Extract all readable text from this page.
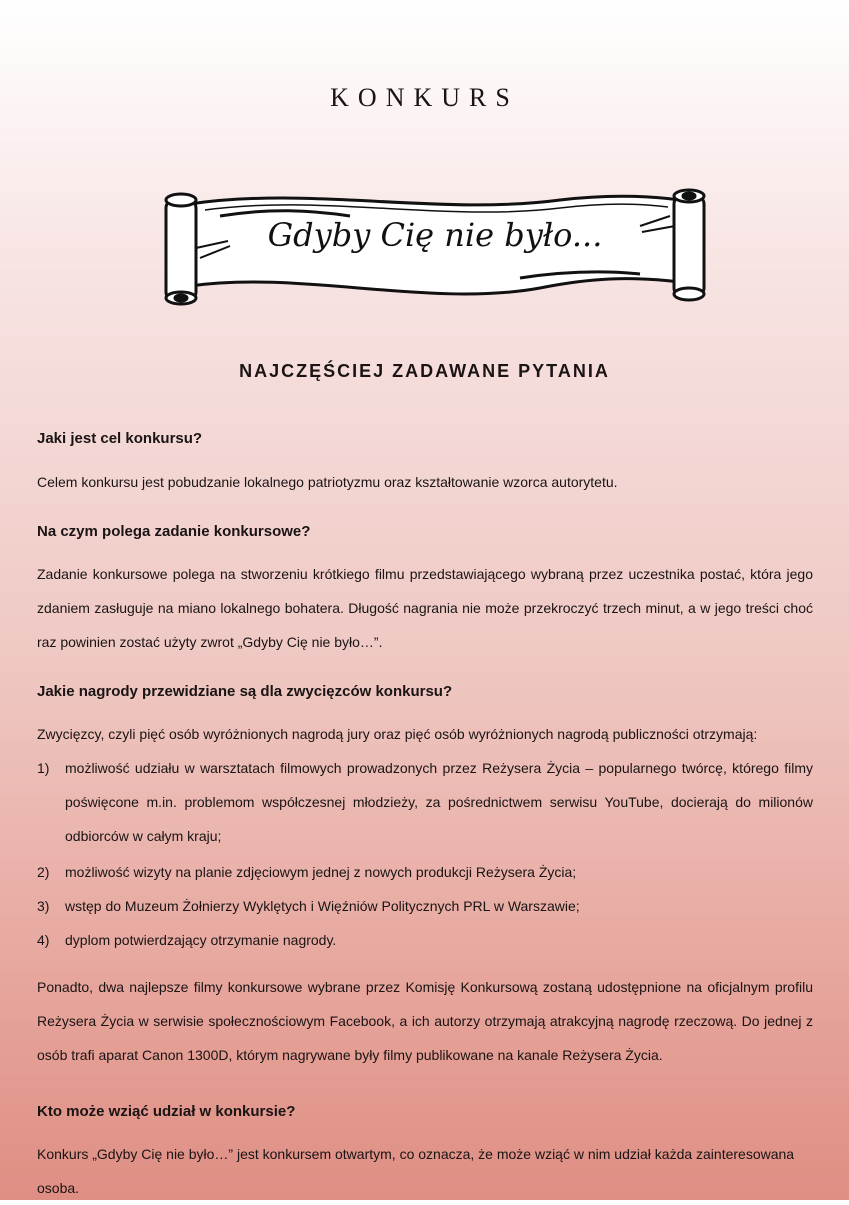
KONKURS
Gdyby Cię nie było...
NAJCZĘŚCIEJ ZADAWANE PYTANIA
Jaki jest cel konkursu?
Celem konkursu jest pobudzanie lokalnego patriotyzmu oraz kształtowanie wzorca autorytetu.
Na czym polega zadanie konkursowe?
Zadanie konkursowe polega na stworzeniu krótkiego filmu przedstawiającego wybraną przez uczestnika postać, która jego zdaniem zasługuje na miano lokalnego bohatera. Długość nagrania nie może przekroczyć trzech minut, a w jego treści choć raz powinien zostać użyty zwrot „Gdyby Cię nie było…”.
Jakie nagrody przewidziane są dla zwycięzców konkursu?
Zwycięzcy, czyli pięć osób wyróżnionych nagrodą jury oraz pięć osób wyróżnionych nagrodą publiczności otrzymają:
1) możliwość udziału w warsztatach filmowych prowadzonych przez Reżysera Życia – popularnego twórcę, którego filmy poświęcone m.in. problemom współczesnej młodzieży, za pośrednictwem serwisu YouTube, docierają do milionów odbiorców w całym kraju;
2) możliwość wizyty na planie zdjęciowym jednej z nowych produkcji Reżysera Życia;
3) wstęp do Muzeum Żołnierzy Wyklętych i Więźniów Politycznych PRL w Warszawie;
4) dyplom potwierdzający otrzymanie nagrody.
Ponadto, dwa najlepsze filmy konkursowe wybrane przez Komisję Konkursową zostaną udostępnione na oficjalnym profilu Reżysera Życia w serwisie społecznościowym Facebook, a ich autorzy otrzymają atrakcyjną nagrodę rzeczową. Do jednej z osób trafi aparat Canon 1300D, którym nagrywane były filmy publikowane na kanale Reżysera Życia.
Kto może wziąć udział w konkursie?
Konkurs „Gdyby Cię nie było…” jest konkursem otwartym, co oznacza, że może wziąć w nim udział każda zainteresowana osoba.
